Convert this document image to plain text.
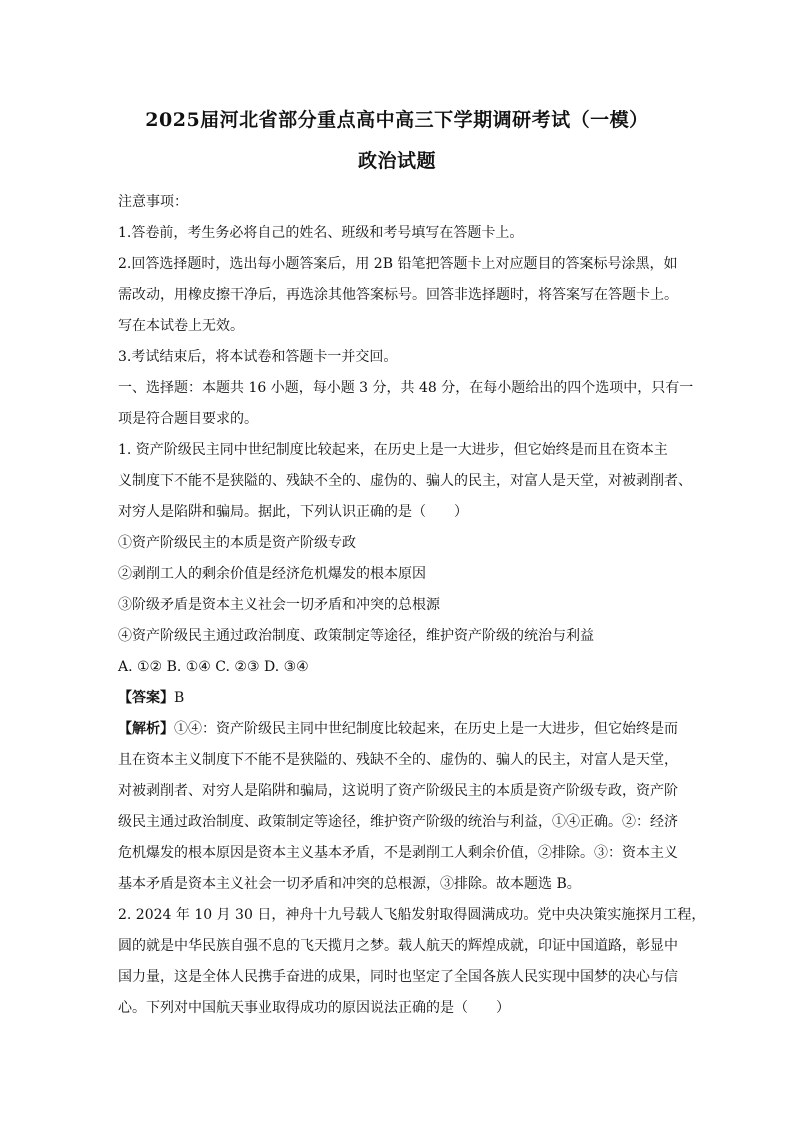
2025届河北省部分重点高中高三下学期调研考试（一模）
政治试题

注意事项：

1.答卷前，考生务必将自己的姓名、班级和考号填写在答题卡上。

2.回答选择题时，选出每小题答案后，用 2B 铅笔把答题卡上对应题目的答案标号涂黑，如

需改动，用橡皮擦干净后，再选涂其他答案标号。回答非选择题时，将答案写在答题卡上。

写在本试卷上无效。

3.考试结束后，将本试卷和答题卡一并交回。

一、选择题：本题共 16 小题，每小题 3 分，共 48 分，在每小题给出的四个选项中，只有一

项是符合题目要求的。

1. 资产阶级民主同中世纪制度比较起来，在历史上是一大进步，但它始终是而且在资本主

义制度下不能不是狭隘的、残缺不全的、虚伪的、骗人的民主，对富人是天堂，对被剥削者、

对穷人是陷阱和骗局。据此，下列认识正确的是（　　）

①资产阶级民主的本质是资产阶级专政

②剥削工人的剩余价值是经济危机爆发的根本原因

③阶级矛盾是资本主义社会一切矛盾和冲突的总根源

④资产阶级民主通过政治制度、政策制定等途径，维护资产阶级的统治与利益

A. ①② B. ①④ C. ②③ D. ③④

【答案】B

【解析】①④：资产阶级民主同中世纪制度比较起来，在历史上是一大进步，但它始终是而

且在资本主义制度下不能不是狭隘的、残缺不全的、虚伪的、骗人的民主，对富人是天堂，

对被剥削者、对穷人是陷阱和骗局，这说明了资产阶级民主的本质是资产阶级专政，资产阶

级民主通过政治制度、政策制定等途径，维护资产阶级的统治与利益，①④正确。②：经济

危机爆发的根本原因是资本主义基本矛盾，不是剥削工人剩余价值，②排除。③：资本主义

基本矛盾是资本主义社会一切矛盾和冲突的总根源，③排除。故本题选 B。

2. 2024 年 10 月 30 日，神舟十九号载人飞船发射取得圆满成功。党中央决策实施探月工程，

圆的就是中华民族自强不息的飞天揽月之梦。载人航天的辉煌成就，印证中国道路，彰显中

国力量，这是全体人民携手奋进的成果，同时也坚定了全国各族人民实现中国梦的决心与信

心。下列对中国航天事业取得成功的原因说法正确的是（　　）
